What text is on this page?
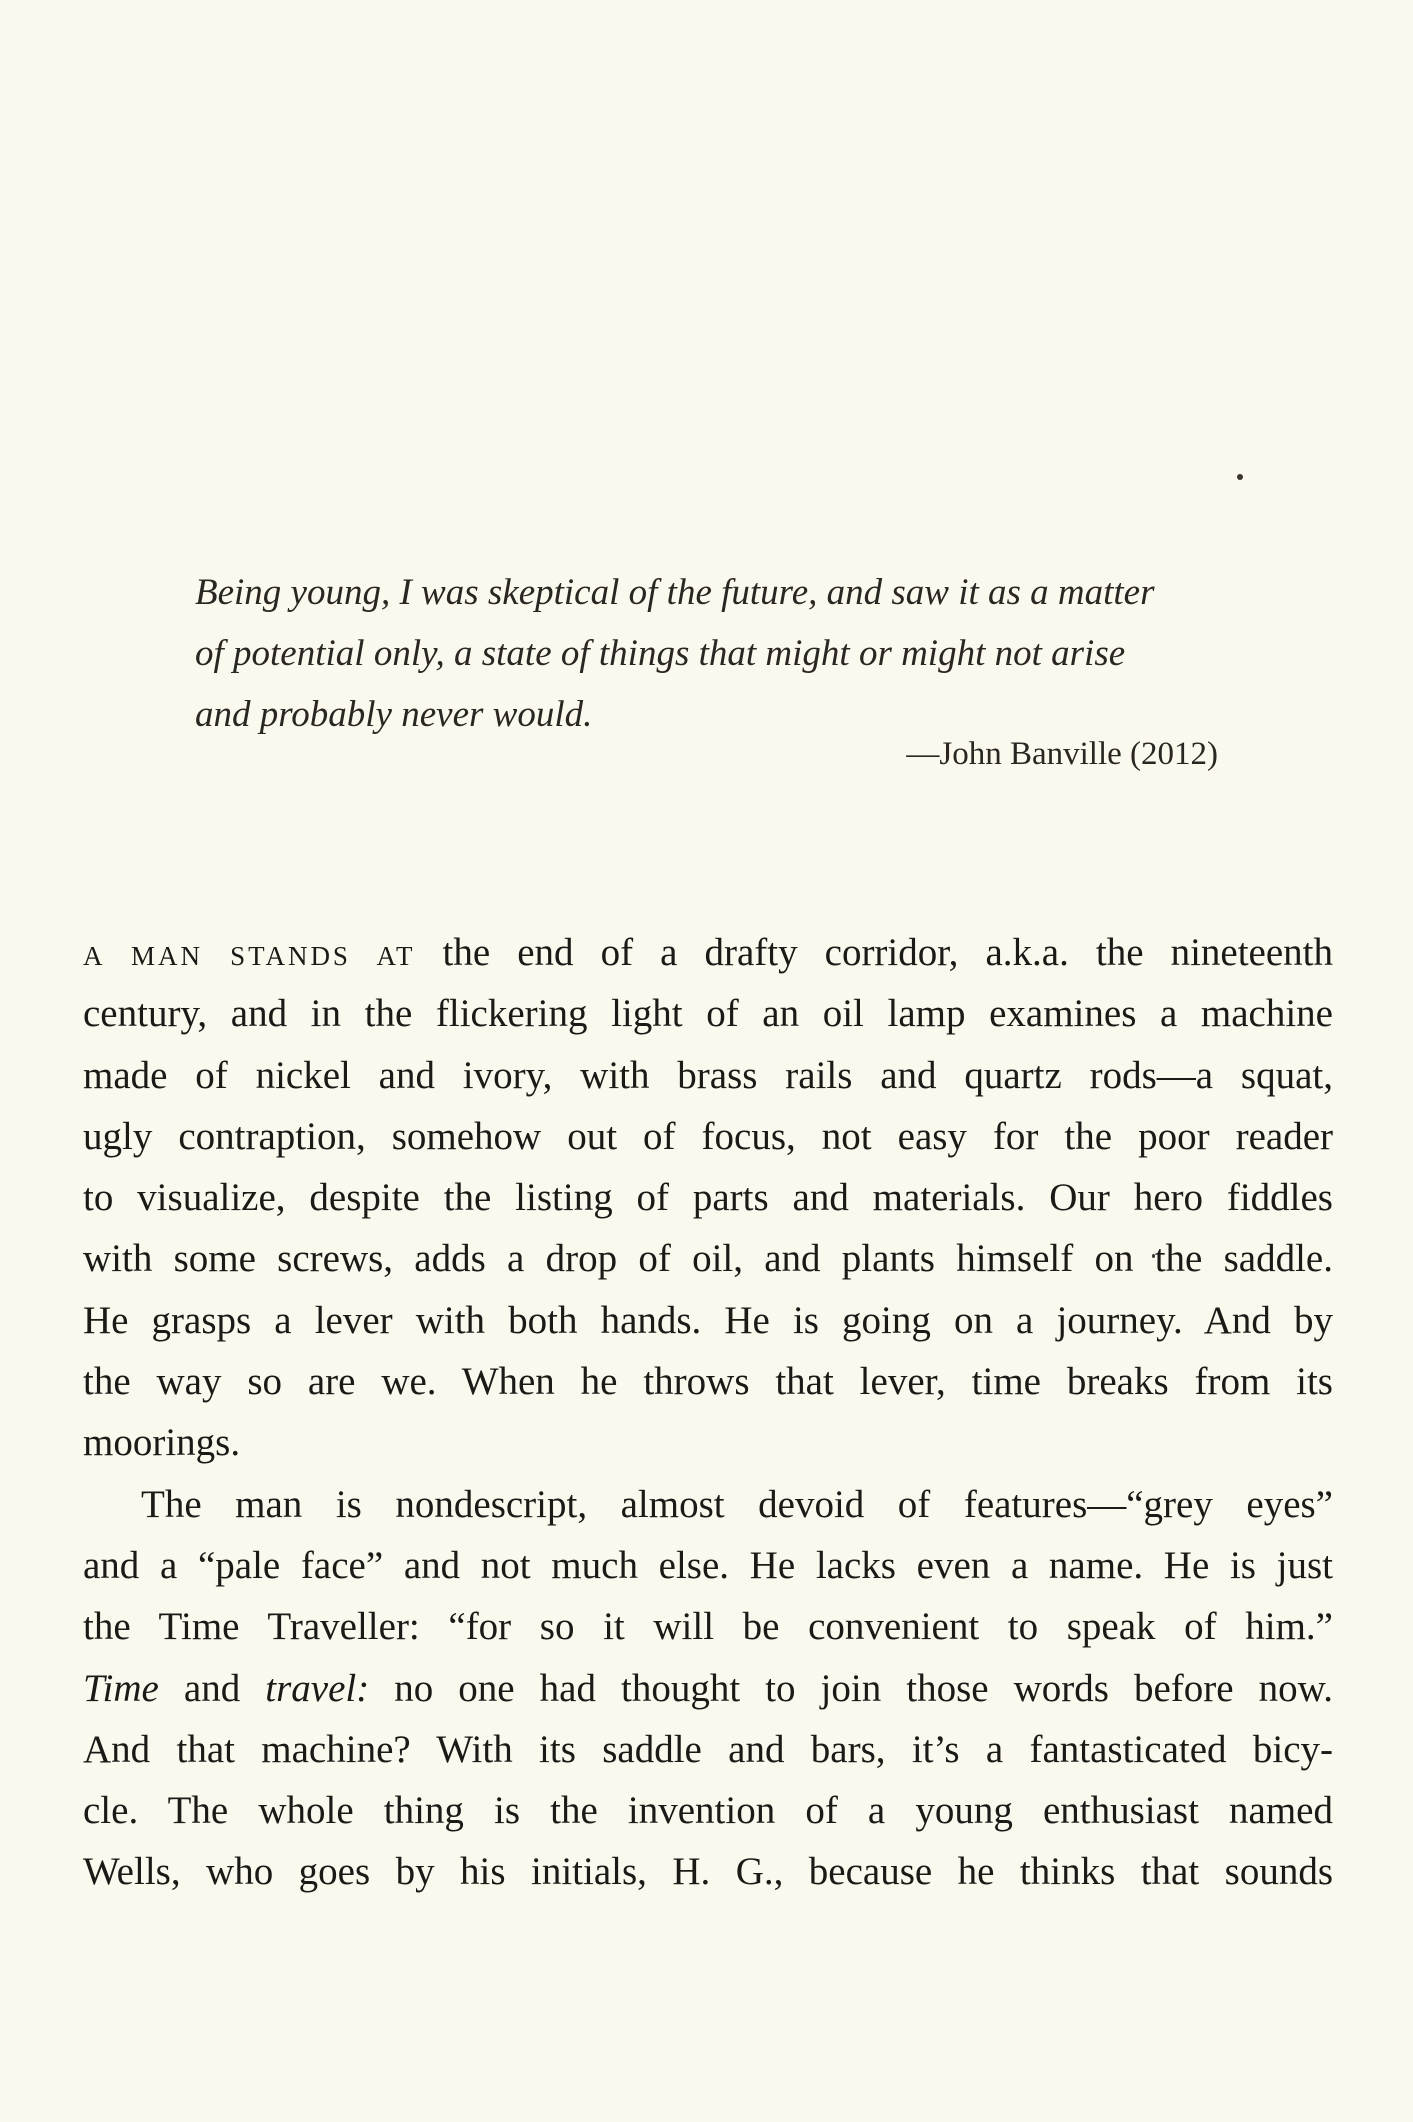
Being young, I was skeptical of the future, and saw it as a matter
of potential only, a state of things that might or might not arise
and probably never would.
—John Banville (2012)
A MAN STANDS AT the end of a drafty corridor, a.k.a. the nineteenth
century, and in the flickering light of an oil lamp examines a machine
made of nickel and ivory, with brass rails and quartz rods—a squat,
ugly contraption, somehow out of focus, not easy for the poor reader
to visualize, despite the listing of parts and materials. Our hero fiddles
with some screws, adds a drop of oil, and plants himself on the saddle.
He grasps a lever with both hands. He is going on a journey. And by
the way so are we. When he throws that lever, time breaks from its
moorings.
The man is nondescript, almost devoid of features—“grey eyes”
and a “pale face” and not much else. He lacks even a name. He is just
the Time Traveller: “for so it will be convenient to speak of him.”
Time and travel: no one had thought to join those words before now.
And that machine? With its saddle and bars, it’s a fantasticated bicy-
cle. The whole thing is the invention of a young enthusiast named
Wells, who goes by his initials, H. G., because he thinks that sounds
